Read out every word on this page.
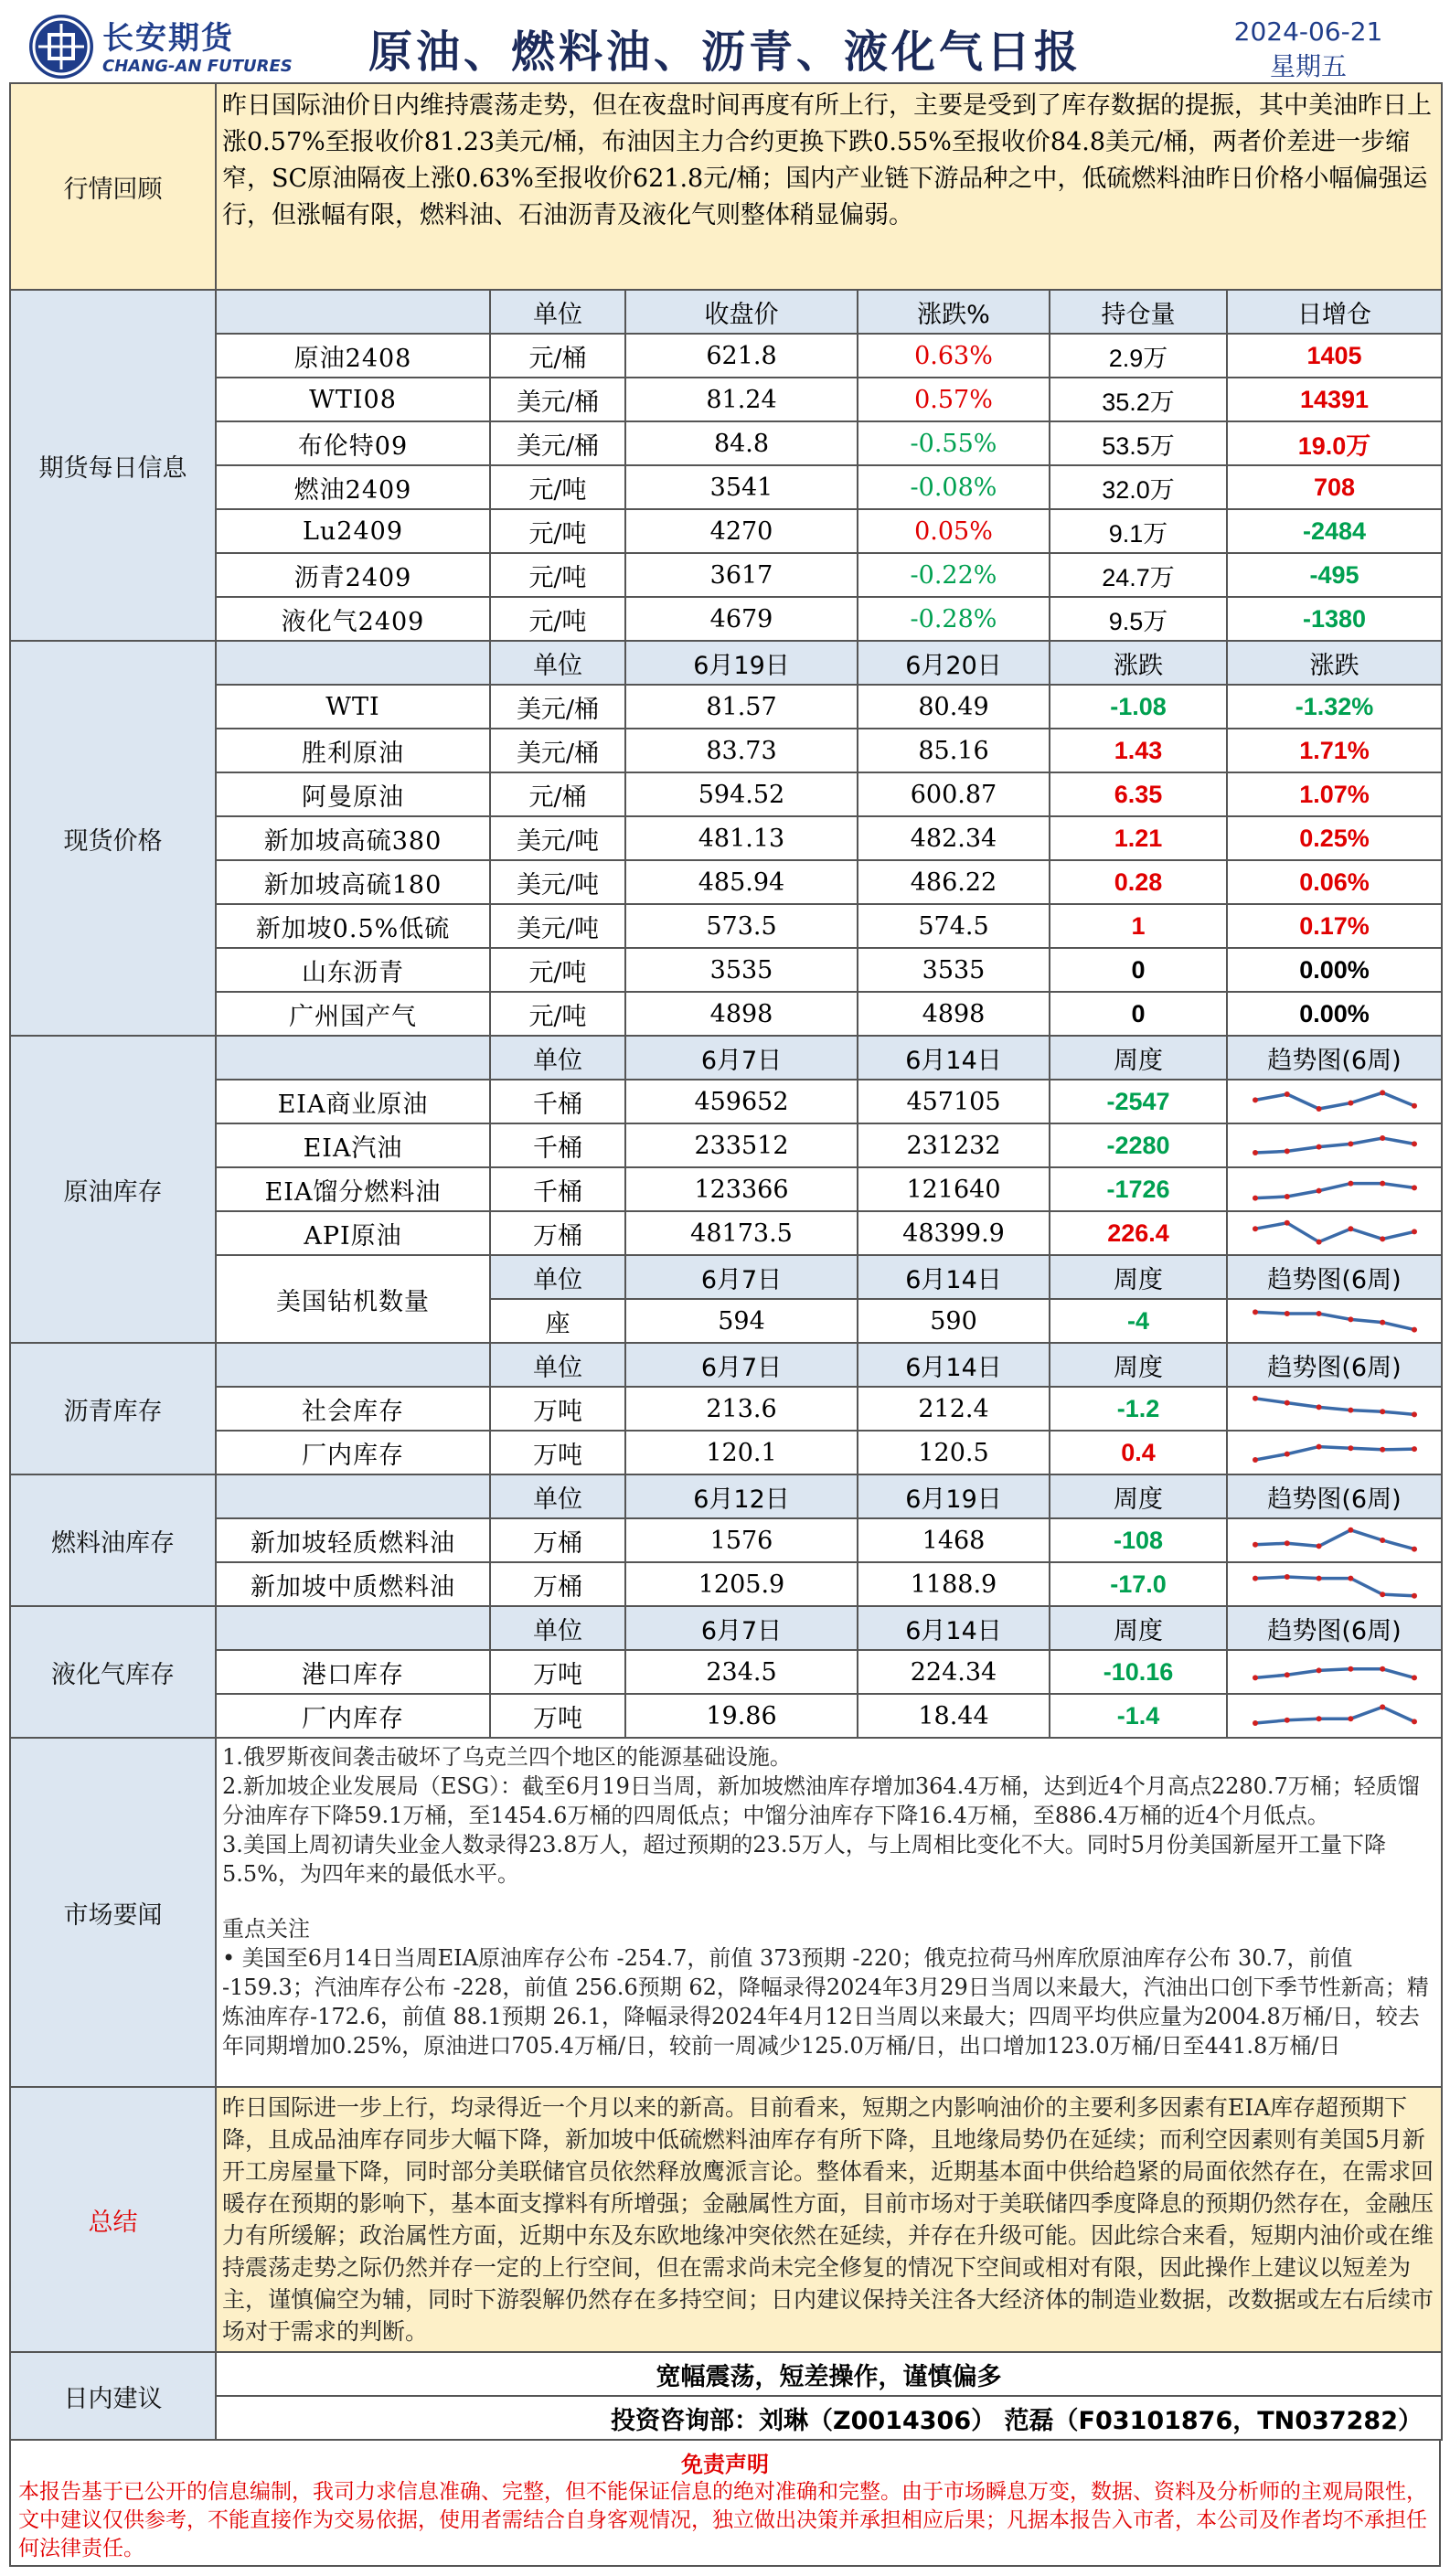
长安期货
CHANG-AN FUTURES	原油、燃料油、沥青、液化气日报	2024-06-21
星期五
行情回顾	昨日国际油价日内维持震荡走势，但在夜盘时间再度有所上行，主要是受到了库存数据的提振，其中美油昨日上涨0.57%至报收价81.23美元/桶，布油因主力合约更换下跌0.55%至报收价84.8美元/桶，两者价差进一步缩窄，SC原油隔夜上涨0.63%至报收价621.8元/桶；国内产业链下游品种之中，低硫燃料油昨日价格小幅偏强运行，但涨幅有限，燃料油、石油沥青及液化气则整体稍显偏弱。					
期货每日信息		单位	收盘价	涨跌%	持仓量	日增仓
	原油2408	元/桶	621.8	0.63%	2.9万	1405
	WTI08	美元/桶	81.24	0.57%	35.2万	14391
	布伦特09	美元/桶	84.8	-0.55%	53.5万	19.0万
	燃油2409	元/吨	3541	-0.08%	32.0万	708
	Lu2409	元/吨	4270	0.05%	9.1万	-2484
	沥青2409	元/吨	3617	-0.22%	24.7万	-495
	液化气2409	元/吨	4679	-0.28%	9.5万	-1380
现货价格		单位	6月19日	6月20日	涨跌	涨跌
	WTI	美元/桶	81.57	80.49	-1.08	-1.32%
	胜利原油	美元/桶	83.73	85.16	1.43	1.71%
	阿曼原油	元/桶	594.52	600.87	6.35	1.07%
	新加坡高硫380	美元/吨	481.13	482.34	1.21	0.25%
	新加坡高硫180	美元/吨	485.94	486.22	0.28	0.06%
	新加坡0.5%低硫	美元/吨	573.5	574.5	1	0.17%
	山东沥青	元/吨	3535	3535	0	0.00%
	广州国产气	元/吨	4898	4898	0	0.00%
原油库存		单位	6月7日	6月14日	周度	趋势图(6周)
	EIA商业原油	千桶	459652	457105	-2547	

	EIA汽油	千桶	233512	231232	-2280	

	EIA馏分燃料油	千桶	123366	121640	-1726	

	API原油	万桶	48173.5	48399.9	226.4	

	美国钻机数量	单位	6月7日	6月14日	周度	趋势图(6周)
		座	594	590	-4	

沥青库存		单位	6月7日	6月14日	周度	趋势图(6周)
	社会库存	万吨	213.6	212.4	-1.2	

	厂内库存	万吨	120.1	120.5	0.4	

燃料油库存		单位	6月12日	6月19日	周度	趋势图(6周)
	新加坡轻质燃料油	万桶	1576	1468	-108	

	新加坡中质燃料油	万桶	1205.9	1188.9	-17.0	

液化气库存		单位	6月7日	6月14日	周度	趋势图(6周)
	港口库存	万吨	234.5	224.34	-10.16	

	厂内库存	万吨	19.86	18.44	-1.4	

市场要闻	1.俄罗斯夜间袭击破坏了乌克兰四个地区的能源基础设施。
2.新加坡企业发展局（ESG）：截至6月19日当周，新加坡燃油库存增加364.4万桶，达到近4个月高点2280.7万桶；轻质馏分油库存下降59.1万桶，至1454.6万桶的四周低点；中馏分油库存下降16.4万桶，至886.4万桶的近4个月低点。
3.美国上周初请失业金人数录得23.8万人，超过预期的23.5万人，与上周相比变化不大。同时5月份美国新屋开工量下降5.5%，为四年来的最低水平。
重点关注
• 美国至6月14日当周EIA原油库存公布 -254.7，前值 373预期 -220；俄克拉荷马州库欣原油库存公布 30.7，前值 -159.3；汽油库存公布 -228，前值 256.6预期 62，降幅录得2024年3月29日当周以来最大，汽油出口创下季节性新高；精炼油库存-172.6，前值 88.1预期 26.1，降幅录得2024年4月12日当周以来最大；四周平均供应量为2004.8万桶/日，较去年同期增加0.25%，原油进口705.4万桶/日，较前一周减少125.0万桶/日，出口增加123.0万桶/日至441.8万桶/日					

总结	昨日国际进一步上行，均录得近一个月以来的新高。目前看来，短期之内影响油价的主要利多因素有EIA库存超预期下降，且成品油库存同步大幅下降，新加坡中低硫燃料油库存有所下降，且地缘局势仍在延续；而利空因素则有美国5月新开工房屋量下降，同时部分美联储官员依然释放鹰派言论。整体看来，近期基本面中供给趋紧的局面依然存在，在需求回暖存在预期的影响下，基本面支撑料有所增强；金融属性方面，目前市场对于美联储四季度降息的预期仍然存在，金融压力有所缓解；政治属性方面，近期中东及东欧地缘冲突依然在延续，并存在升级可能。因此综合来看，短期内油价或在维持震荡走势之际仍然并存一定的上行空间，但在需求尚未完全修复的情况下空间或相对有限，因此操作上建议以短差为主，谨慎偏空为辅，同时下游裂解仍然存在多持空间；日内建议保持关注各大经济体的制造业数据，改数据或左右后续市场对于需求的判断。					
日内建议	宽幅震荡，短差操作，谨慎偏多					
	投资咨询部：刘琳（Z0014306） 范磊（F03101876，TN037282）					
免责声明
本报告基于已公开的信息编制，我司力求信息准确、完整，但不能保证信息的绝对准确和完整。由于市场瞬息万变，数据、资料及分析师的主观局限性，文中建议仅供参考，不能直接作为交易依据，使用者需结合自身客观情况，独立做出决策并承担相应后果；凡据本报告入市者，本公司及作者均不承担任何法律责任。
